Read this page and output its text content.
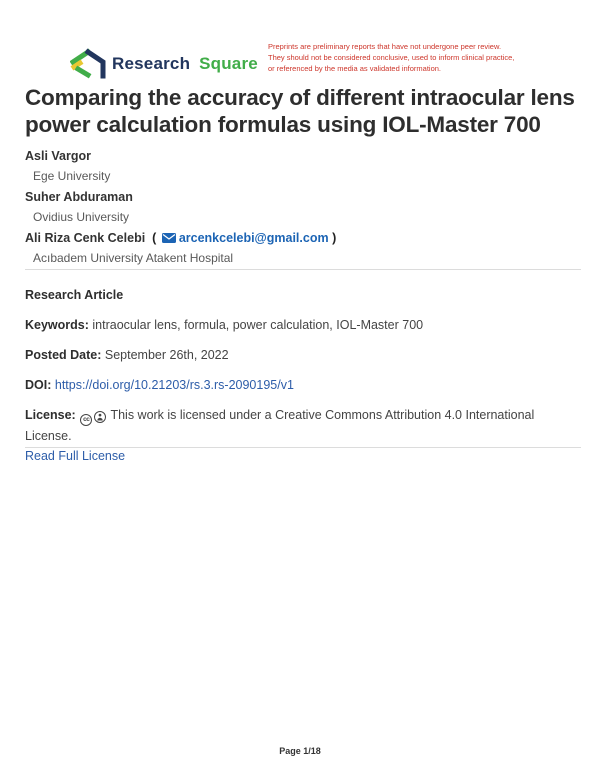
Research Square
Preprints are preliminary reports that have not undergone peer review.
They should not be considered conclusive, used to inform clinical practice,
or referenced by the media as validated information.
Comparing the accuracy of different intraocular lens power calculation formulas using IOL-Master 700

Asli Vargor

Ege University

Suher Abduraman

Ovidius University

Ali Riza Cenk Celebi ( arcenkcelebi@gmail.com )

Acıbadem University Atakent Hospital

Research Article

Keywords: intraocular lens, formula, power calculation, IOL-Master 700

Posted Date: September 26th, 2022

DOI: https://doi.org/10.21203/rs.3.rs-2090195/v1

License: cc This work is licensed under a Creative Commons Attribution 4.0 International License.
Read Full License

Page 1/18
